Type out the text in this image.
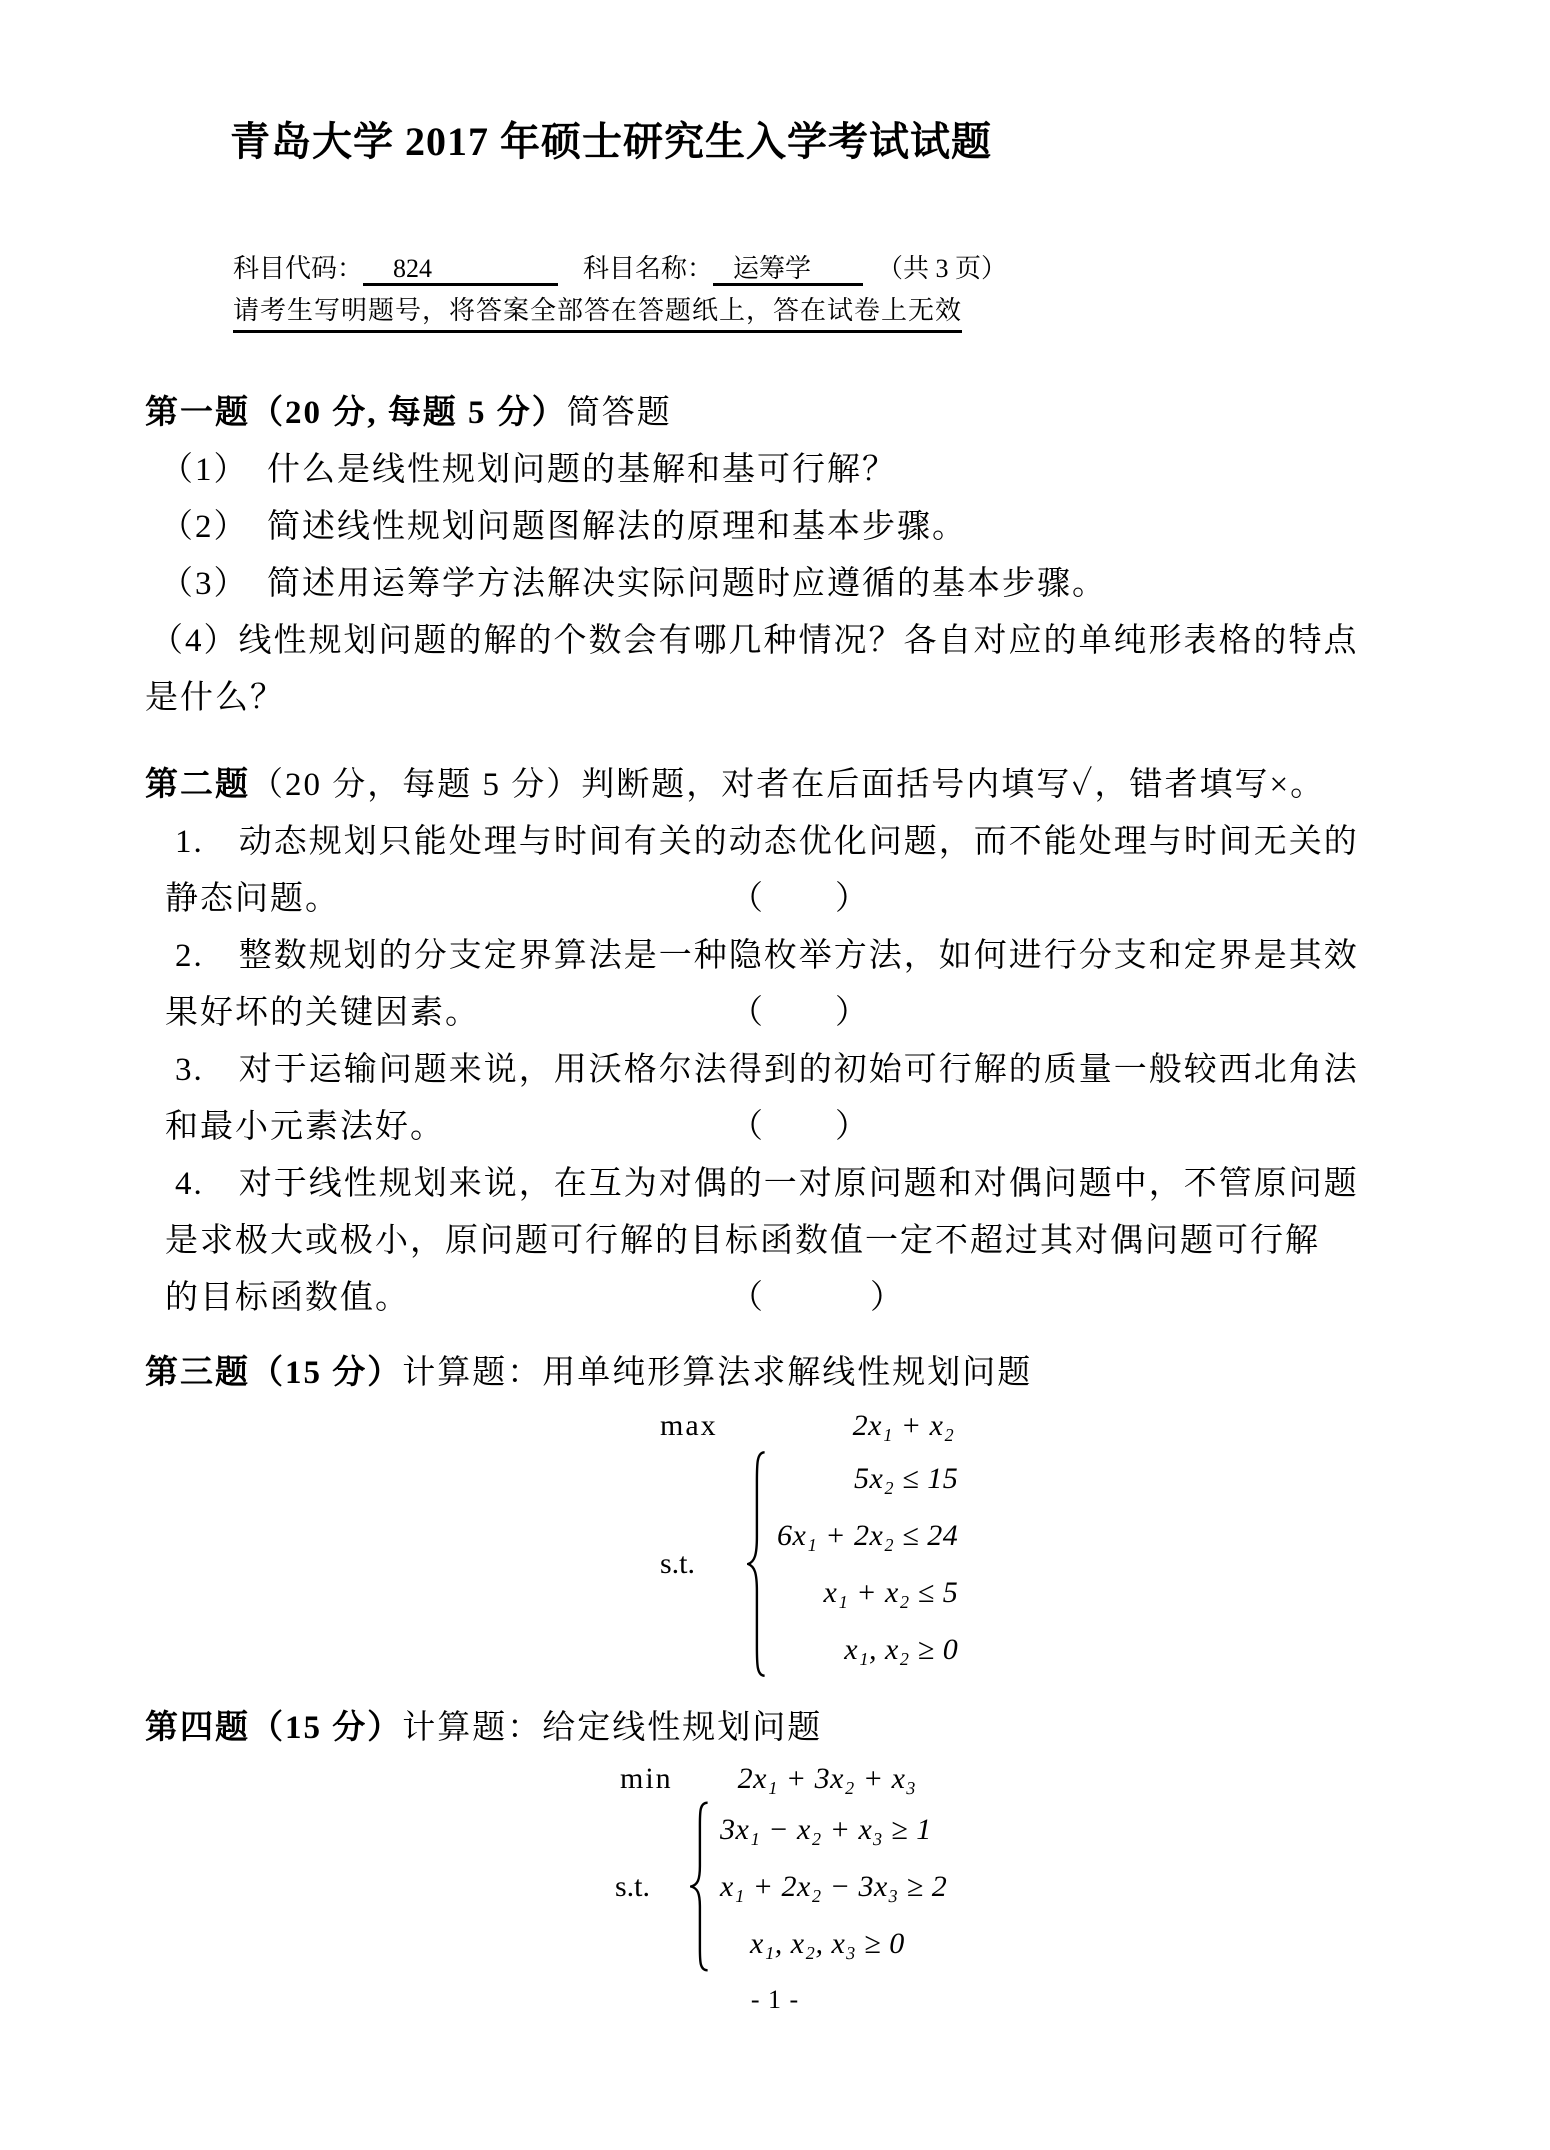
青岛大学 2017 年硕士研究生入学考试试题
科目代码： 824	科目名称： 运筹学	（共 3 页）
请考生写明题号，将答案全部答在答题纸上，答在试卷上无效
第一题（20 分, 每题 5 分）简答题
（1）　什么是线性规划问题的基解和基可行解？
（2）　简述线性规划问题图解法的原理和基本步骤。
（3）　简述用运筹学方法解决实际问题时应遵循的基本步骤。
（4）线性规划问题的解的个数会有哪几种情况？各自对应的单纯形表格的特点
是什么？
第二题（20 分，每题 5 分）判断题，对者在后面括号内填写✓，错者填写×。
1.　动态规划只能处理与时间有关的动态优化问题，而不能处理与时间无关的
静态问题。	（　　）
2.　整数规划的分支定界算法是一种隐枚举方法，如何进行分支和定界是其效
果好坏的关键因素。	（　　）
3.　对于运输问题来说，用沃格尔法得到的初始可行解的质量一般较西北角法
和最小元素法好。	（　　）
4.　对于线性规划来说，在互为对偶的一对原问题和对偶问题中，不管原问题
是求极大或极小，原问题可行解的目标函数值一定不超过其对偶问题可行解
的目标函数值。	（　　　）
第三题（15 分）计算题：用单纯形算法求解线性规划问题
max	2x₁ + x₂
s.t.
5x₂ ≤ 15
6x₁ + 2x₂ ≤ 24
x₁ + x₂ ≤ 5
x₁, x₂ ≥ 0
第四题（15 分）计算题：给定线性规划问题
min 2x₁ + 3x₂ + x₃
s.t.
3x₁ − x₂ + x₃ ≥ 1
x₁ + 2x₂ − 3x₃ ≥ 2
x₁, x₂, x₃ ≥ 0
- 1 -
